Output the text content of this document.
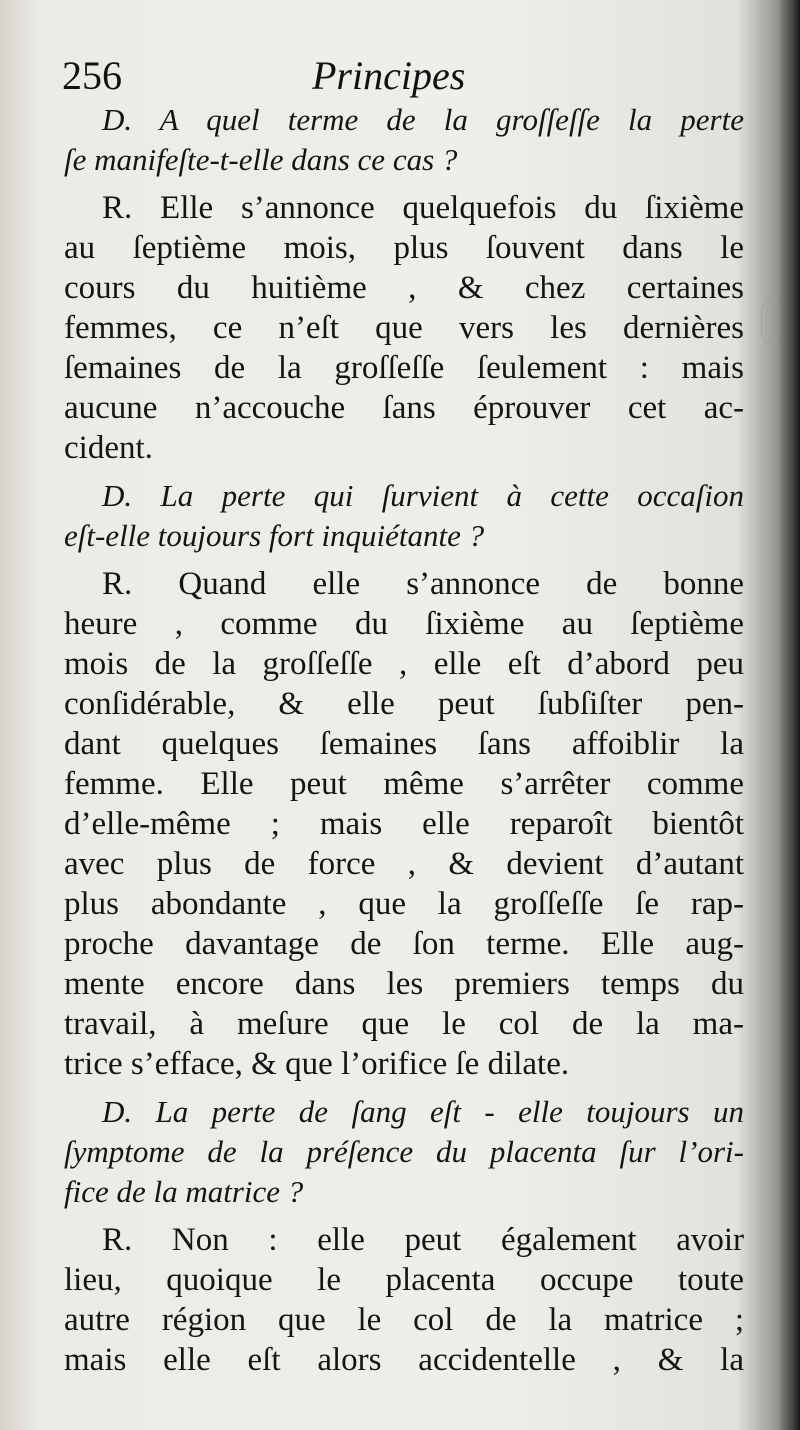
256	Principes
D. A quel terme de la groſſeſſe la perte
ſe manifeſte-t-elle dans ce cas ?
R. Elle s’annonce quelquefois du ſixième
au ſeptième mois, plus ſouvent dans le
cours du huitième , & chez certaines
femmes, ce n’eſt que vers les dernières
ſemaines de la groſſeſſe ſeulement : mais
aucune n’accouche ſans éprouver cet ac-
cident.
D. La perte qui ſurvient à cette occaſion
eſt-elle toujours fort inquiétante ?
R. Quand elle s’annonce de bonne
heure , comme du ſixième au ſeptième
mois de la groſſeſſe , elle eſt d’abord peu
conſidérable, & elle peut ſubſiſter pen-
dant quelques ſemaines ſans affoiblir la
femme. Elle peut même s’arrêter comme
d’elle-même ; mais elle reparoît bientôt
avec plus de force , & devient d’autant
plus abondante , que la groſſeſſe ſe rap-
proche davantage de ſon terme. Elle aug-
mente encore dans les premiers temps du
travail, à meſure que le col de la ma-
trice s’efface, & que l’orifice ſe dilate.
D. La perte de ſang eſt - elle toujours un
ſymptome de la préſence du placenta ſur l’ori-
fice de la matrice ?
R. Non : elle peut également avoir
lieu, quoique le placenta occupe toute
autre région que le col de la matrice ;
mais elle eſt alors accidentelle , & la
